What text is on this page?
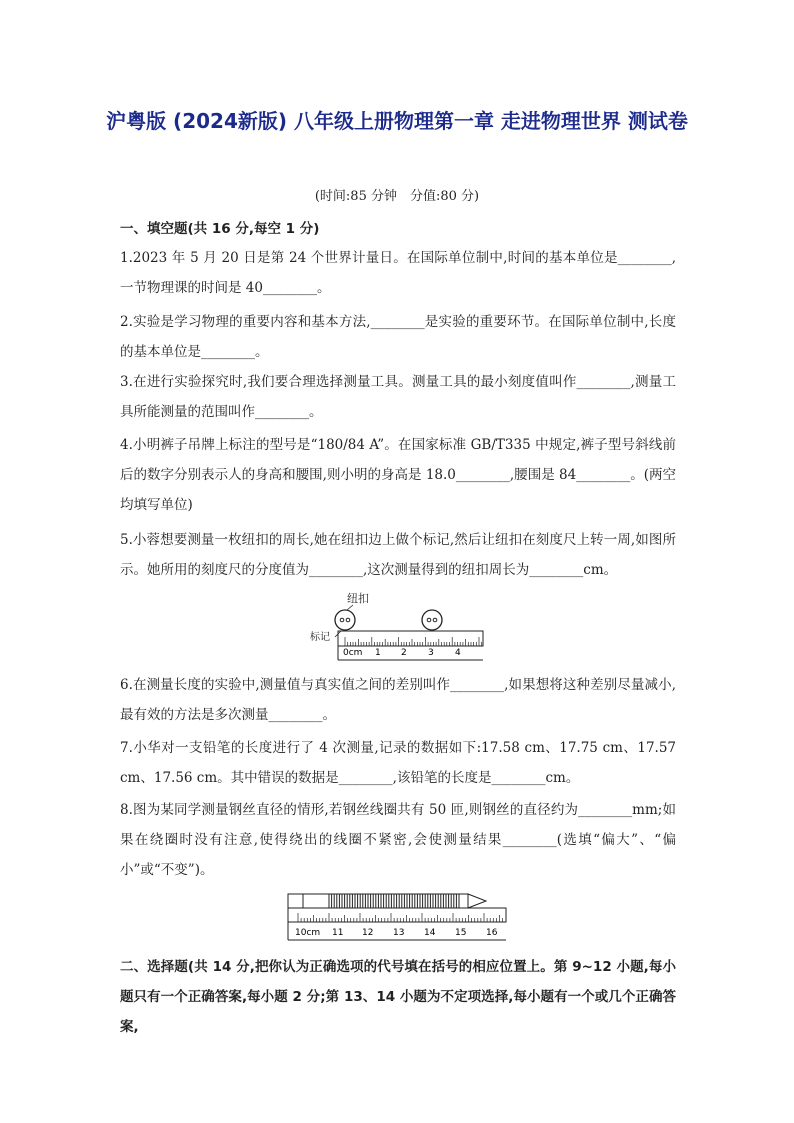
沪粤版 (2024新版) 八年级上册物理第一章 走进物理世界 测试卷
(时间:85 分钟　分值:80 分)
一、填空题(共 16 分,每空 1 分)
1.2023 年 5 月 20 日是第 24 个世界计量日。在国际单位制中,时间的基本单位是________,一节物理课的时间是 40________。
2.实验是学习物理的重要内容和基本方法,________是实验的重要环节。在国际单位制中,长度的基本单位是________。
3.在进行实验探究时,我们要合理选择测量工具。测量工具的最小刻度值叫作________,测量工具所能测量的范围叫作________。
4.小明裤子吊牌上标注的型号是“180/84 A”。在国家标准 GB/T335 中规定,裤子型号斜线前后的数字分别表示人的身高和腰围,则小明的身高是 18.0________,腰围是 84________。(两空均填写单位)
5.小蓉想要测量一枚纽扣的周长,她在纽扣边上做个标记,然后让纽扣在刻度尺上转一周,如图所示。她所用的刻度尺的分度值为________,这次测量得到的纽扣周长为________cm。
纽扣
标记
0cm 1 2 3 4
6.在测量长度的实验中,测量值与真实值之间的差别叫作________,如果想将这种差别尽量减小,最有效的方法是多次测量________。
7.小华对一支铅笔的长度进行了 4 次测量,记录的数据如下:17.58 cm、17.75 cm、17.57 cm、17.56 cm。其中错误的数据是________,该铅笔的长度是________cm。
8.图为某同学测量钢丝直径的情形,若钢丝线圈共有 50 匝,则钢丝的直径约为________mm;如果在绕圈时没有注意,使得绕出的线圈不紧密,会使测量结果________(选填“偏大”、“偏小”或“不变”)。
10cm 11 12 13 14 15 16
二、选择题(共 14 分,把你认为正确选项的代号填在括号的相应位置上。第 9~12 小题,每小题只有一个正确答案,每小题 2 分;第 13、14 小题为不定项选择,每小题有一个或几个正确答案,
